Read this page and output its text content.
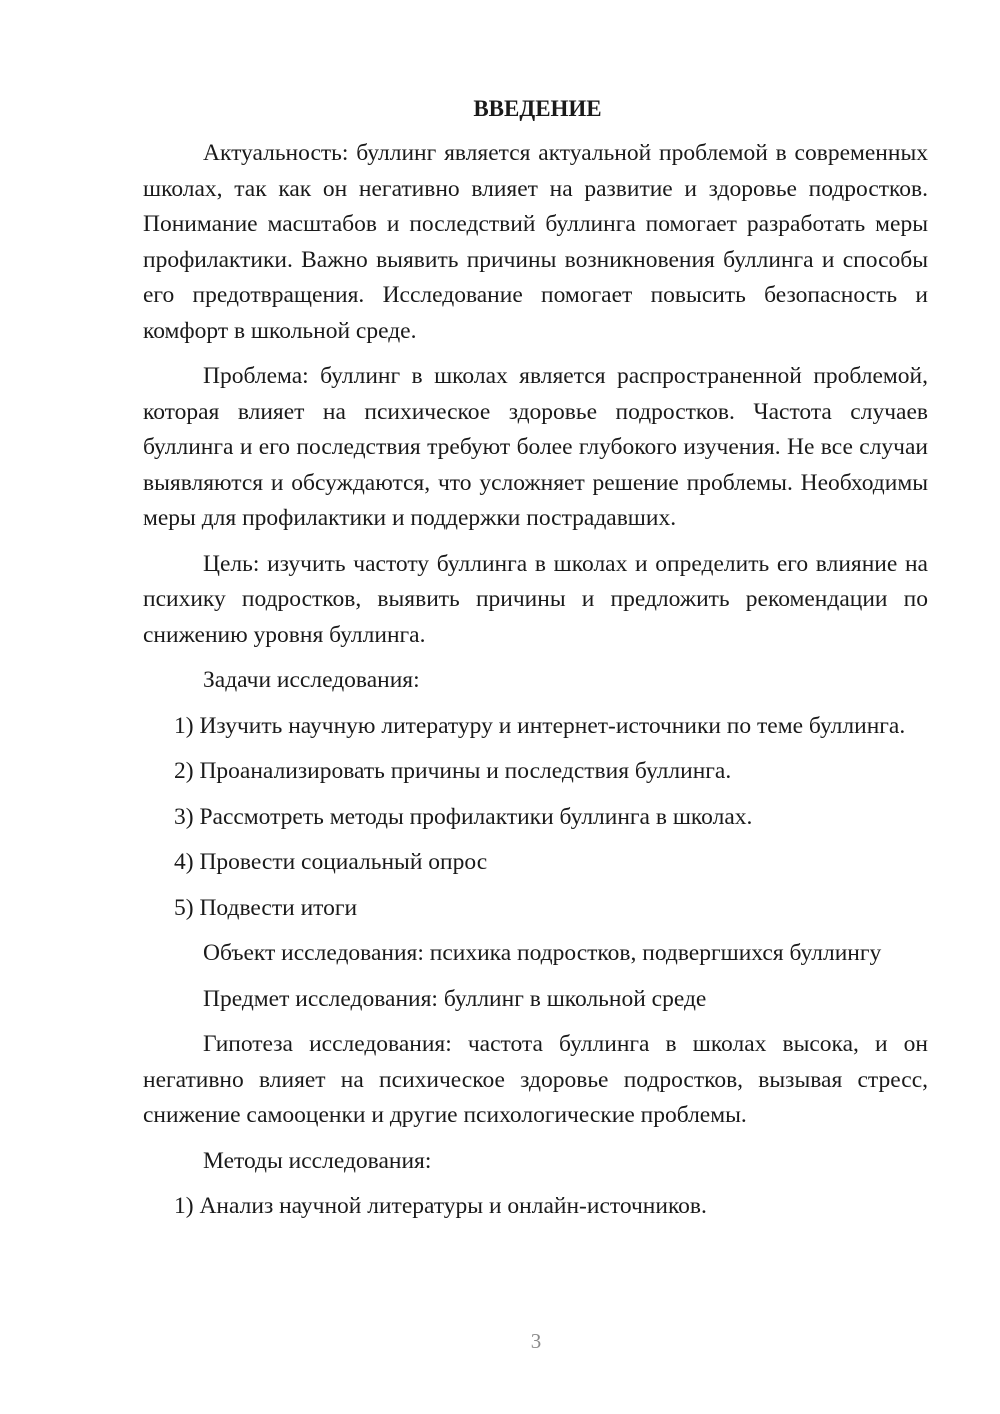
ВВЕДЕНИЕ

Актуальность: буллинг является актуальной проблемой в современных школах, так как он негативно влияет на развитие и здоровье подростков. Понимание масштабов и последствий буллинга помогает разработать меры профилактики. Важно выявить причины возникновения буллинга и способы его предотвращения. Исследование помогает повысить безопасность и комфорт в школьной среде.

Проблема: буллинг в школах является распространенной проблемой, которая влияет на психическое здоровье подростков. Частота случаев буллинга и его последствия требуют более глубокого изучения. Не все случаи выявляются и обсуждаются, что усложняет решение проблемы. Необходимы меры для профилактики и поддержки пострадавших.

Цель: изучить частоту буллинга в школах и определить его влияние на психику подростков, выявить причины и предложить рекомендации по снижению уровня буллинга.

Задачи исследования:

1) Изучить научную литературу и интернет-источники по теме буллинга.

2) Проанализировать причины и последствия буллинга.

3) Рассмотреть методы профилактики буллинга в школах.

4) Провести социальный опрос

5) Подвести итоги

Объект исследования: психика подростков, подвергшихся буллингу

Предмет исследования: буллинг в школьной среде

Гипотеза исследования: частота буллинга в школах высока, и он негативно влияет на психическое здоровье подростков, вызывая стресс, снижение самооценки и другие психологические проблемы.

Методы исследования:

1) Анализ научной литературы и онлайн-источников.

3
